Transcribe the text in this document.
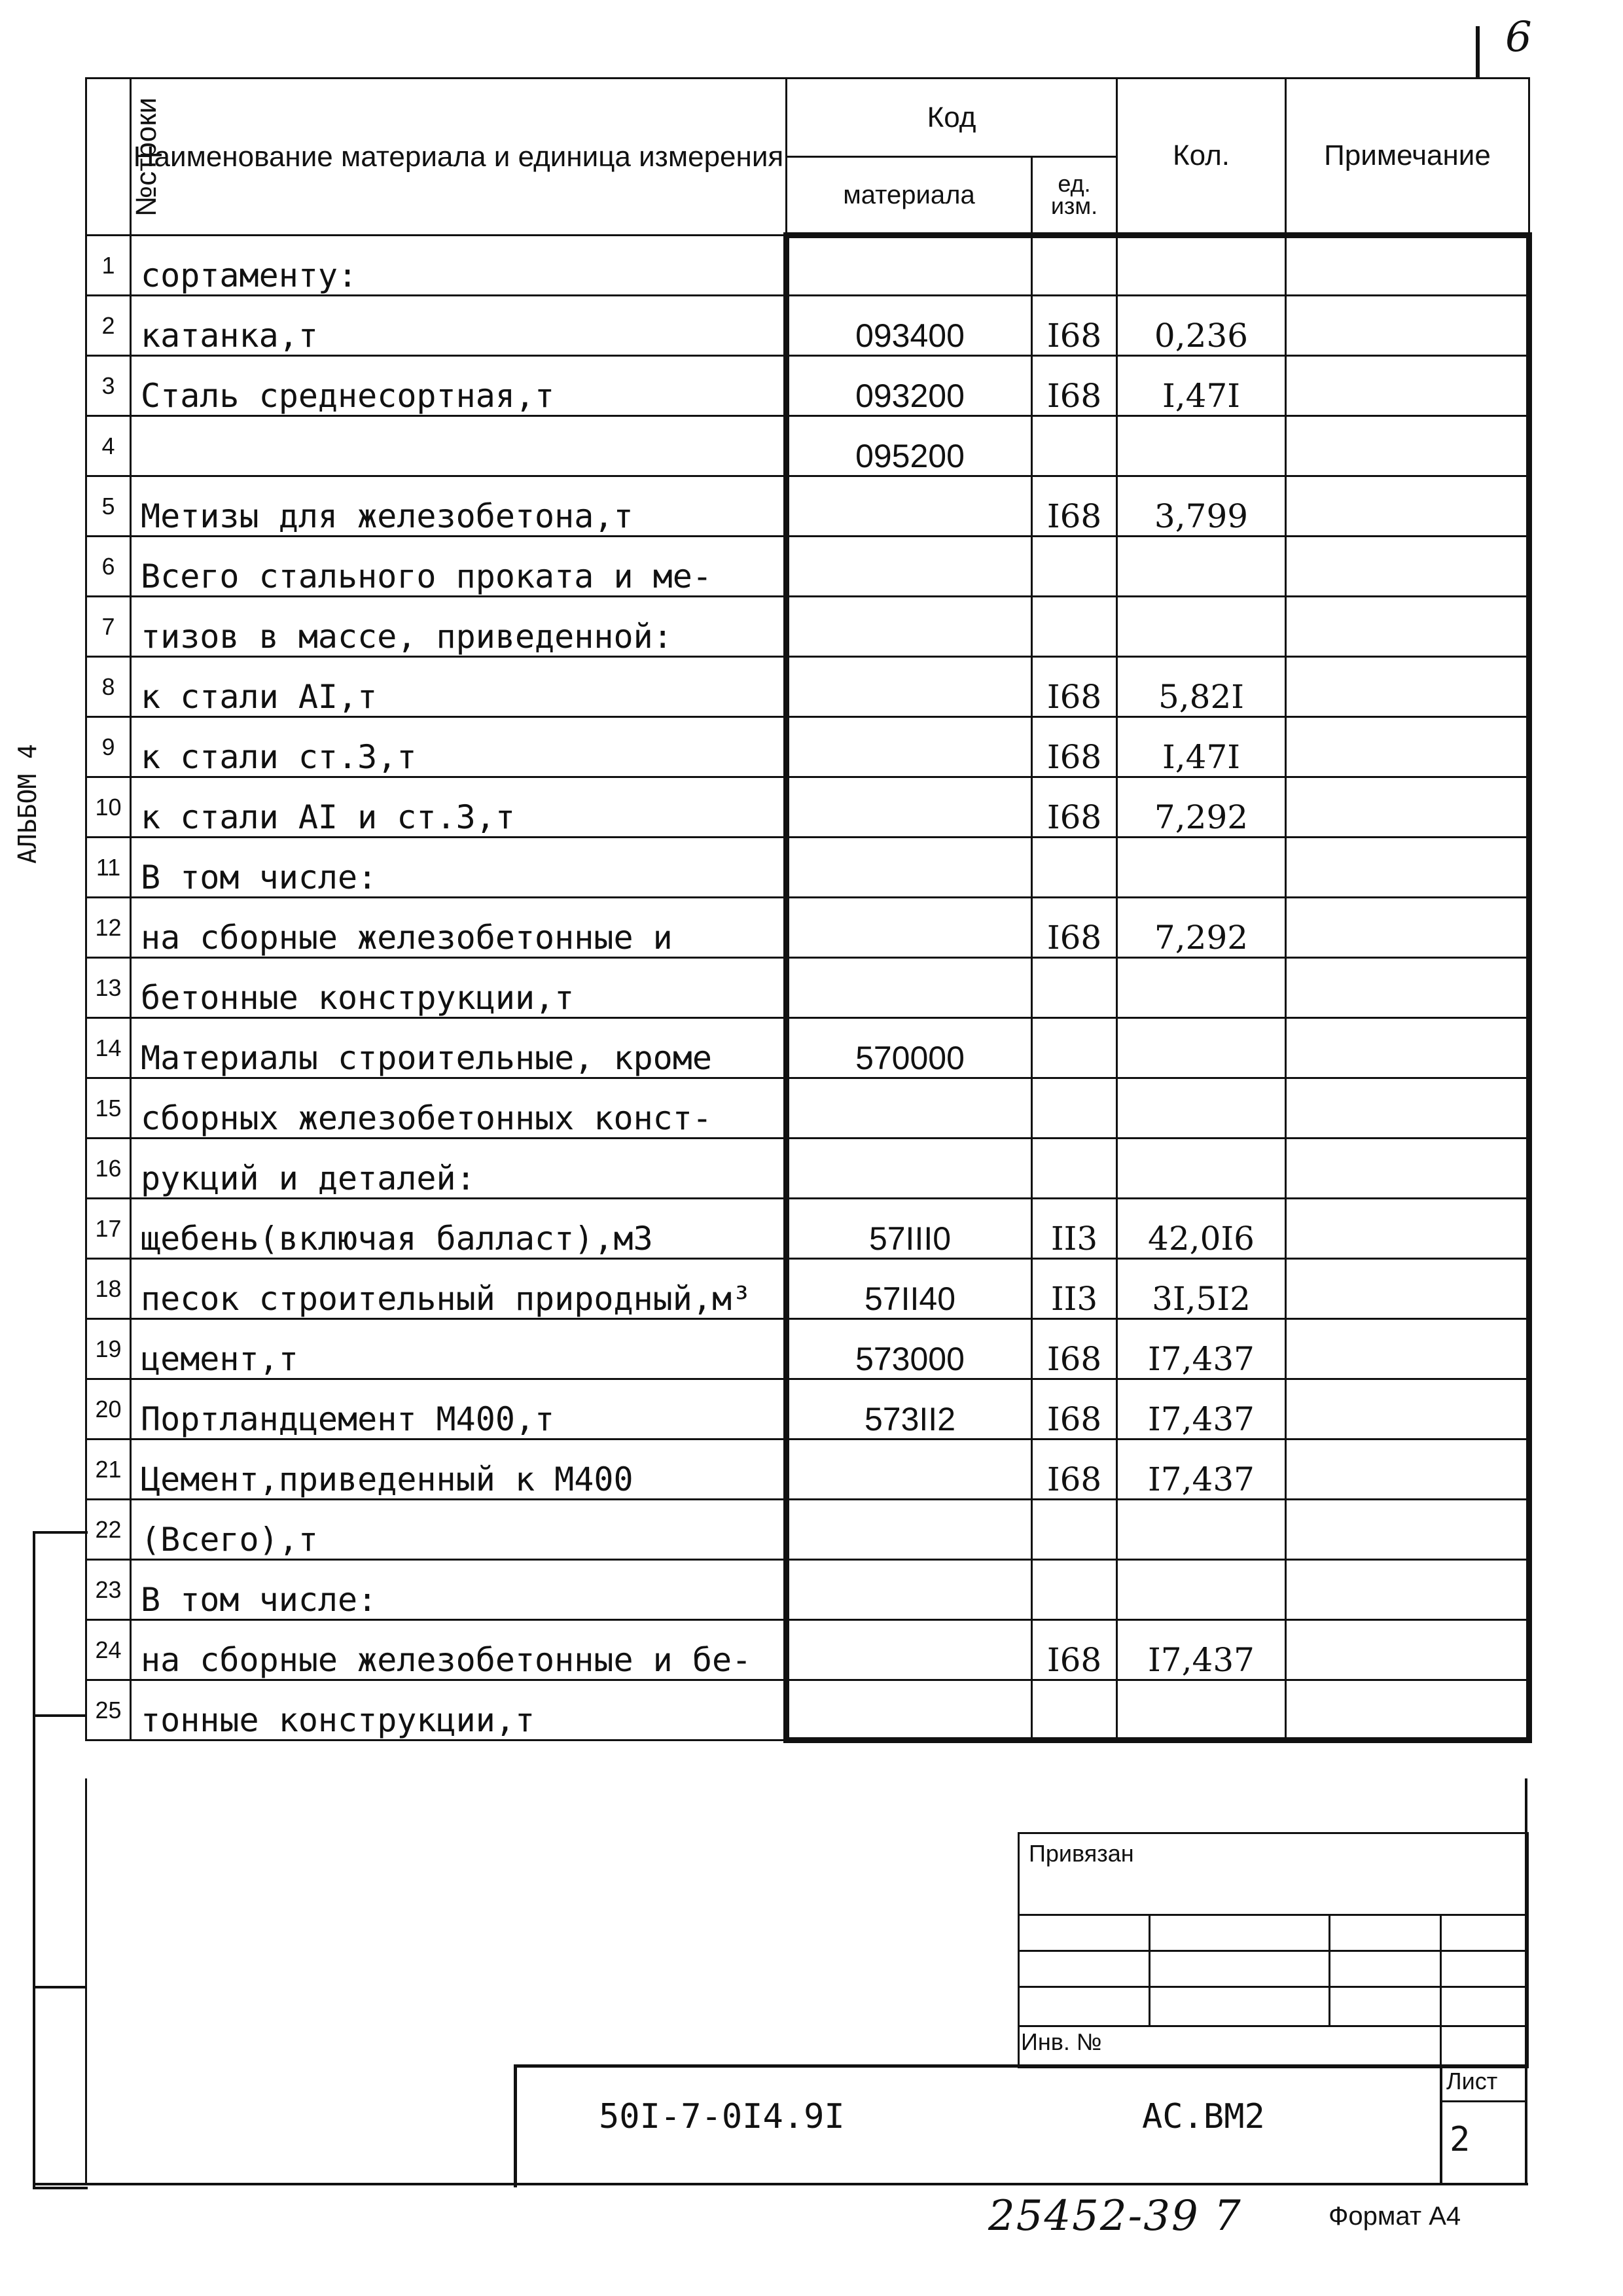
6
АЛЬБОМ 4
№строки	Наименование материала и единица измерения	Код		Кол.	Примечание
		материала	ед. изм.		
1	сортаменту:				
2	катанка,т	093400	I68	0,236	
3	Сталь среднесортная,т	093200	I68	I,47I	
4		095200			
5	Метизы для железобетона,т		I68	3,799	
6	Всего стального проката и ме-				
7	тизов в массе, приведенной:				
8	к стали АI,т		I68	5,82I	
9	к стали ст.3,т		I68	I,47I	
10	к стали АI и ст.3,т		I68	7,292	
11	В том числе:				
12	на сборные железобетонные и		I68	7,292	
13	бетонные конструкции,т				
14	Материалы строительные, кроме	570000			
15	сборных железобетонных конст-				
16	рукций и деталей:				
17	щебень(включая балласт),м3	57III0	II3	42,0I6	
18	песок строительный природный,м³	57II40	II3	3I,5I2	
19	цемент,т	573000	I68	I7,437	
20	Портландцемент М400,т	573II2	I68	I7,437	
21	Цемент,приведенный к М400		I68	I7,437	
22	(Всего),т				
23	В том числе:				
24	на сборные железобетонные и бе-		I68	I7,437	
25	тонные конструкции,т				
Привязан
Инв. №
50I-7-0I4.9I	АС.ВМ2
Лист
2
25452-39 7	Формат А4
